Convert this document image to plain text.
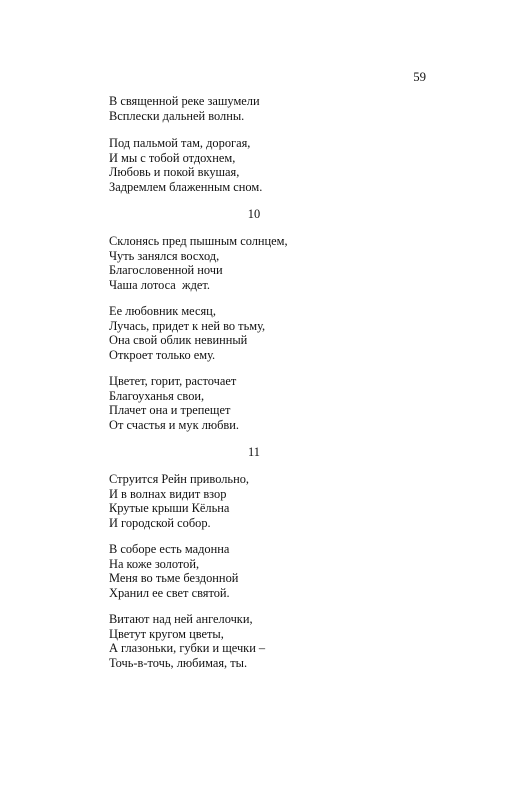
59
В священной реке зашумели
Всплески дальней волны.
Под пальмой там, дорогая,
И мы с тобой отдохнем,
Любовь и покой вкушая,
Задремлем блаженным сном.
10
Склонясь пред пышным солнцем,
Чуть занялся восход,
Благословенной ночи
Чаша лотоса  ждет.
Ее любовник месяц,
Лучась, придет к ней во тьму,
Она свой облик невинный
Откроет только ему.
Цветет, горит, расточает
Благоуханья свои,
Плачет она и трепещет
От счастья и мук любви.
11
Струится Рейн привольно,
И в волнах видит взор
Крутые крыши Кёльна
И городской собор.
В соборе есть мадонна
На коже золотой,
Меня во тьме бездонной
Хранил ее свет святой.
Витают над ней ангелочки,
Цветут кругом цветы,
А глазоньки, губки и щечки –
Точь-в-точь, любимая, ты.
